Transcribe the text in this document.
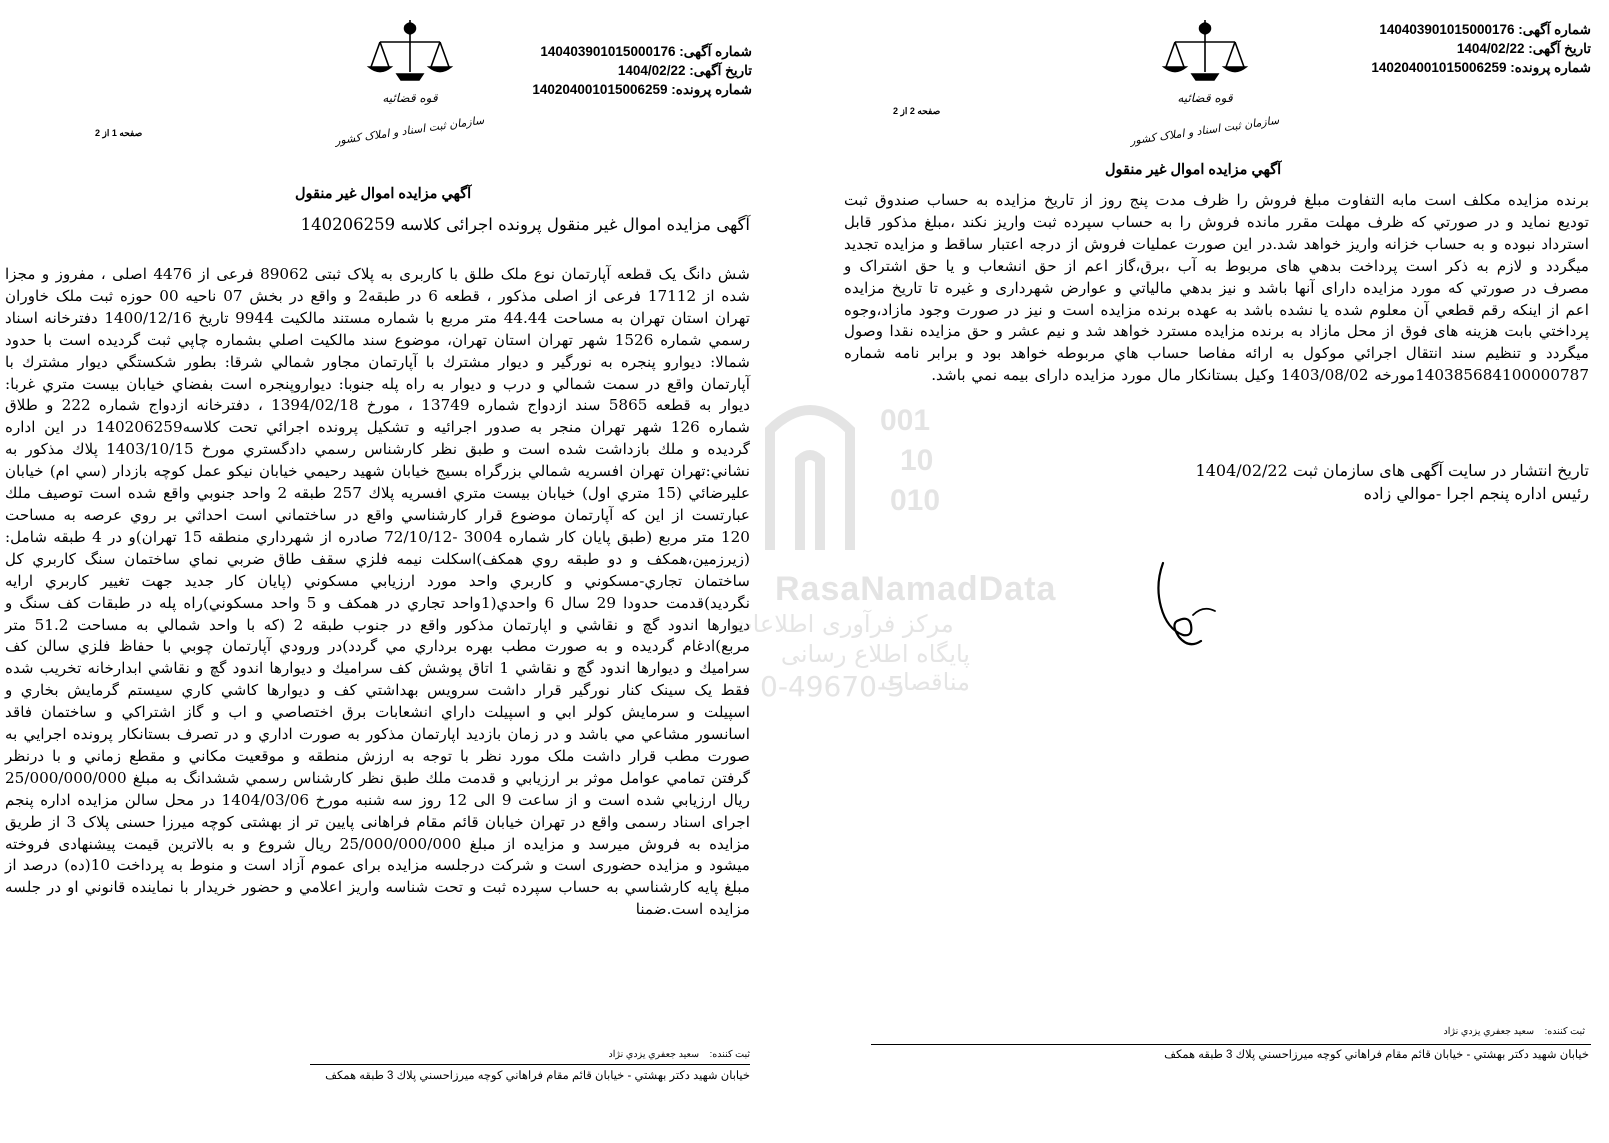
شماره آگهی: 140403901015000176
تاریخ آگهی: 1404/02/22
شماره پرونده: 140204001015006259
قوه قضائیه
سازمان ثبت اسناد و املاک کشور
صفحه 2 از 2
آگهي مزايده اموال غير منقول
برنده مزایده مکلف است مابه التفاوت مبلغ فروش را ظرف مدت پنج روز از تاریخ مزایده به حساب صندوق ثبت تودیع نماید و در صورتي که ظرف مهلت مقرر مانده فروش را به حساب سپرده ثبت واریز نکند ،مبلغ مذکور قابل استرداد نبوده و به حساب خزانه واریز خواهد شد.در این صورت عملیات فروش از درجه اعتبار ساقط و مزایده تجدید میگردد و لازم به ذکر است پرداخت بدهي های مربوط به آب ،برق،گاز اعم از حق انشعاب و یا حق اشتراک و مصرف در صورتي که مورد مزایده دارای آنها باشد و نیز بدهي مالیاتي و عوارض شهرداری و غیره تا تاریخ مزایده اعم از اینکه رقم قطعي آن معلوم شده یا نشده باشد به عهده برنده مزایده است و نیز در صورت وجود مازاد،وجوه پرداختي بابت هزینه های فوق از محل مازاد به برنده مزایده مسترد خواهد شد و نیم عشر و حق مزایده نقدا وصول میگردد و تنظیم سند انتقال اجرائي موكول به ارائه مفاصا حساب هاي مربوطه خواهد بود و برابر نامه شماره 140385684100000787مورخه 1403/08/02 وکیل بستانکار مال مورد مزایده دارای بیمه نمي باشد.
تاریخ انتشار در سایت آگهی های سازمان ثبت 1404/02/22
رئیس اداره پنجم اجرا -موالي زاده
ثبت کننده:    سعيد جعفري يزدي نژاد
خيابان شهيد دكتر بهشتي - خيابان قائم مقام فراهاني كوچه ميرزاحسني پلاك 3 طبقه همكف
شماره آگهی: 140403901015000176
تاریخ آگهی: 1404/02/22
شماره پرونده: 140204001015006259
قوه قضائیه
سازمان ثبت اسناد و املاک کشور
صفحه 1 از 2
آگهي مزايده اموال غير منقول
آگهی مزایده اموال غیر منقول پرونده اجرائی کلاسه 140206259
شش دانگ یک قطعه آپارتمان نوع ملک طلق با کاربری به پلاک ثبتی 89062 فرعی از 4476 اصلی ، مفروز و مجزا شده از 17112 فرعی از اصلی مذکور ، قطعه 6 در طبقه2 و واقع در بخش 07 ناحیه 00 حوزه ثبت ملک خاوران تهران استان تهران به مساحت 44.44 متر مربع با شماره مستند مالکیت 9944 تاریخ 1400/12/16 دفترخانه اسناد رسمي شماره 1526 شهر تهران استان تهران، موضوع سند مالكيت اصلي بشماره چاپي ثبت گرديده است با حدود شمالا: ديوارو پنجره به نورگير و ديوار مشترك با آپارتمان مجاور شمالي شرقا: بطور شكستگي ديوار مشترك با آپارتمان واقع در سمت شمالي و درب و ديوار به راه پله جنوبا: ديواروپنجره است بفضاي خيابان بيست متري غربا: ديوار به قطعه 5865 سند ازدواج شماره 13749 ، مورخ 1394/02/18 ، دفترخانه ازدواج شماره 222 و طلاق شماره 126 شهر تهران منجر به صدور اجرائيه و تشكيل پرونده اجرائي تحت كلاسه140206259 در اين اداره گرديده و ملك بازداشت شده است و طبق نظر كارشناس رسمي دادگستري مورخ 1403/10/15 پلاك مذكور به نشاني:تهران تهران افسريه شمالي بزرگراه بسيج خيابان شهيد رحيمي خيابان نيكو عمل كوچه بازدار (سي ام) خيابان عليرضائي (15 متري اول) خيابان بيست متري افسريه پلاك 257 طبقه 2 واحد جنوبي واقع شده است توصيف ملك عبارتست از اين كه آپارتمان موضوع قرار كارشناسي واقع در ساختماني است احداثي بر روي عرصه به مساحت 120 متر مربع (طبق پايان كار شماره 3004 -72/10/12 صادره از شهرداري منطقه 15 تهران)و در 4 طبقه شامل:(زيرزمين،همكف و دو طبقه روي همكف)اسكلت نيمه فلزي سقف طاق ضربي نماي ساختمان سنگ كاربري كل ساختمان تجاري-مسكوني و كاربري واحد مورد ارزيابي مسكوني (پايان كار جديد جهت تغيير كاربري ارايه نگرديد)قدمت حدودا 29 سال 6 واحدي(1واحد تجاري در همكف و 5 واحد مسكوني)راه پله در طبقات كف سنگ و ديوارها اندود گچ و نقاشي و اپارتمان مذكور واقع در جنوب طبقه 2 (كه با واحد شمالي به مساحت 51.2 متر مربع)ادغام گرديده و به صورت مطب بهره برداري مي گردد)در ورودي آپارتمان چوبي با حفاظ فلزي سالن كف سراميك و ديوارها اندود گچ و نقاشي 1 اتاق پوشش كف سراميك و ديوارها اندود گچ و نقاشي ابدارخانه تخريب شده فقط يک سينک كنار نورگير قرار داشت سرويس بهداشتي كف و ديوارها كاشي كاري سيستم گرمايش بخاري و اسپيلت و سرمايش كولر ابي و اسپيلت داراي انشعابات برق اختصاصي و اب و گاز اشتراكي و ساختمان فاقد اسانسور مشاعي مي باشد و در زمان بازديد اپارتمان مذكور به صورت اداري و در تصرف بستانكار پرونده اجرايي به صورت مطب قرار داشت ملک مورد نظر با توجه به ارزش منطقه و موقعيت مكاني و مقطع زماني و با درنظر گرفتن تمامي عوامل موثر بر ارزيابي و قدمت ملك طبق نظر كارشناس رسمي ششدانگ به مبلغ 25/000/000/000 ريال ارزيابي شده است و از ساعت 9 الی 12 روز سه شنبه مورخ 1404/03/06 در محل سالن مزایده اداره پنجم اجرای اسناد رسمی واقع در تهران خیابان قائم مقام فراهانی پایین تر از بهشتی کوچه میرزا حسنی پلاک 3 از طریق مزایده به فروش میرسد و مزایده از مبلغ 25/000/000/000 ریال شروع و به بالاترین قیمت پیشنهادی فروخته میشود و مزایده حضوری است و شرکت درجلسه مزایده برای عموم آزاد است و منوط به پرداخت 10(ده) درصد از مبلغ پایه کارشناسي به حساب سپرده ثبت و تحت شناسه واریز اعلامي و حضور خریدار با نماینده قانوني او در جلسه مزایده است.ضمنا
ثبت كننده:    سعيد جعفري يزدي نژاد
خيابان شهيد دكتر بهشتي - خيابان قائم مقام فراهاني كوچه ميرزاحسني پلاك 3 طبقه همكف
001
10
010
RasaNamadData
مرکز فرآوری اطلاعات
پایگاه اطلاع رسانی مناقصات
0-49670-5
